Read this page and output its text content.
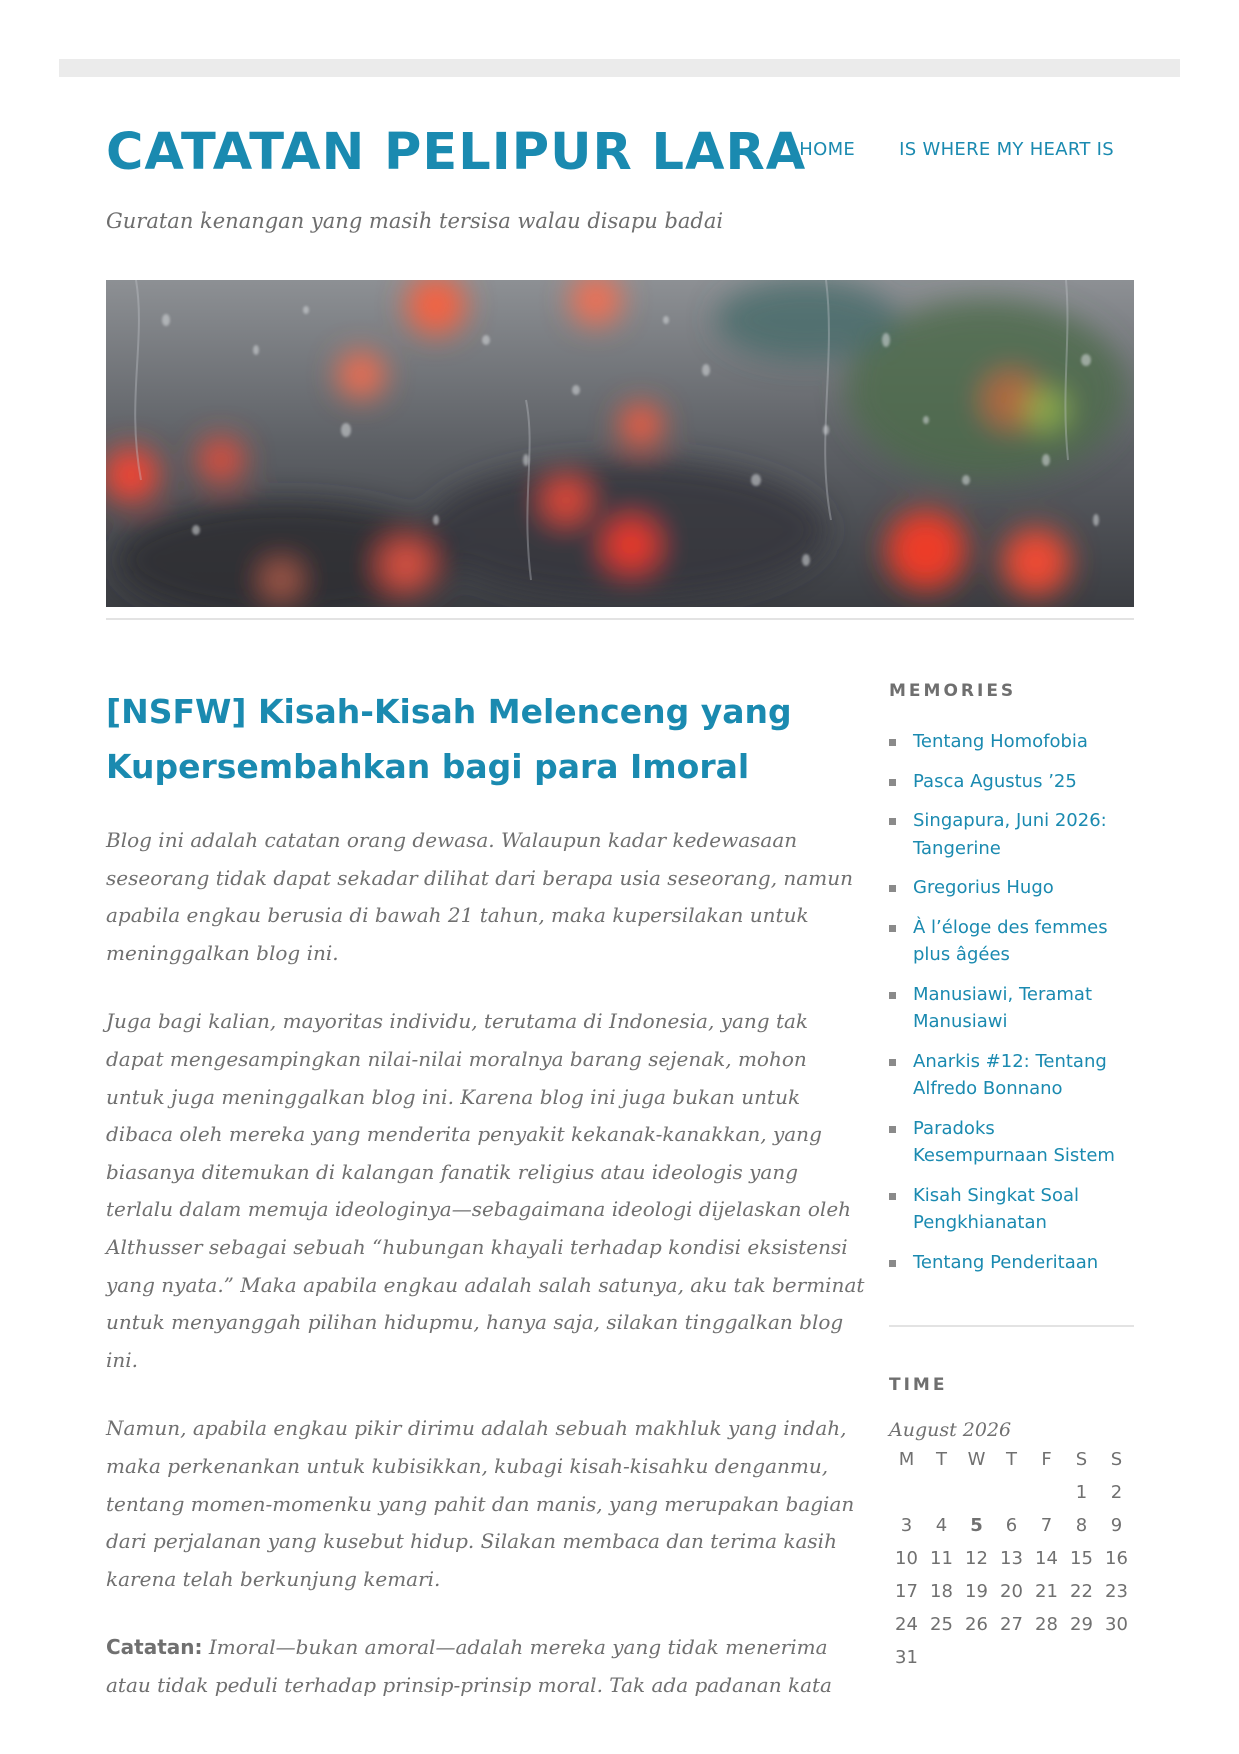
CATATAN PELIPUR LARA

Guratan kenangan yang masih tersisa walau disapu badai

HOME IS WHERE MY HEART IS
[NSFW] Kisah-Kisah Melenceng yang Kupersembahkan bagi para Imoral

Blog ini adalah catatan orang dewasa. Walaupun kadar kedewasaan seseorang tidak dapat sekadar dilihat dari berapa usia seseorang, namun apabila engkau berusia di bawah 21 tahun, maka kupersilakan untuk meninggalkan blog ini.

Juga bagi kalian, mayoritas individu, terutama di Indonesia, yang tak dapat mengesampingkan nilai-nilai moralnya barang sejenak, mohon untuk juga meninggalkan blog ini. Karena blog ini juga bukan untuk dibaca oleh mereka yang menderita penyakit kekanak-kanakkan, yang biasanya ditemukan di kalangan fanatik religius atau ideologis yang terlalu dalam memuja ideologinya—sebagaimana ideologi dijelaskan oleh Althusser sebagai sebuah “hubungan khayali terhadap kondisi eksistensi yang nyata.” Maka apabila engkau adalah salah satunya, aku tak berminat untuk menyanggah pilihan hidupmu, hanya saja, silakan tinggalkan blog ini.

Namun, apabila engkau pikir dirimu adalah sebuah makhluk yang indah, maka perkenankan untuk kubisikkan, kubagi kisah-kisahku denganmu, tentang momen-momenku yang pahit dan manis, yang merupakan bagian dari perjalanan yang kusebut hidup. Silakan membaca dan terima kasih karena telah berkunjung kemari.

Catatan: Imoral—bukan amoral—adalah mereka yang tidak menerima atau tidak peduli terhadap prinsip-prinsip moral. Tak ada padanan kata

MEMORIES
Tentang Homofobia
Pasca Agustus ’25
Singapura, Juni 2026: Tangerine
Gregorius Hugo
À l’éloge des femmes plus âgées
Manusiawi, Teramat Manusiawi
Anarkis #12: Tentang Alfredo Bonnano
Paradoks Kesempurnaan Sistem
Kisah Singkat Soal Pengkhianatan
Tentang Penderitaan
TIME
August 2026
M	T	W	T	F	S	S
					1	2
3	4	5	6	7	8	9
10	11	12	13	14	15	16
17	18	19	20	21	22	23
24	25	26	27	28	29	30
31						
